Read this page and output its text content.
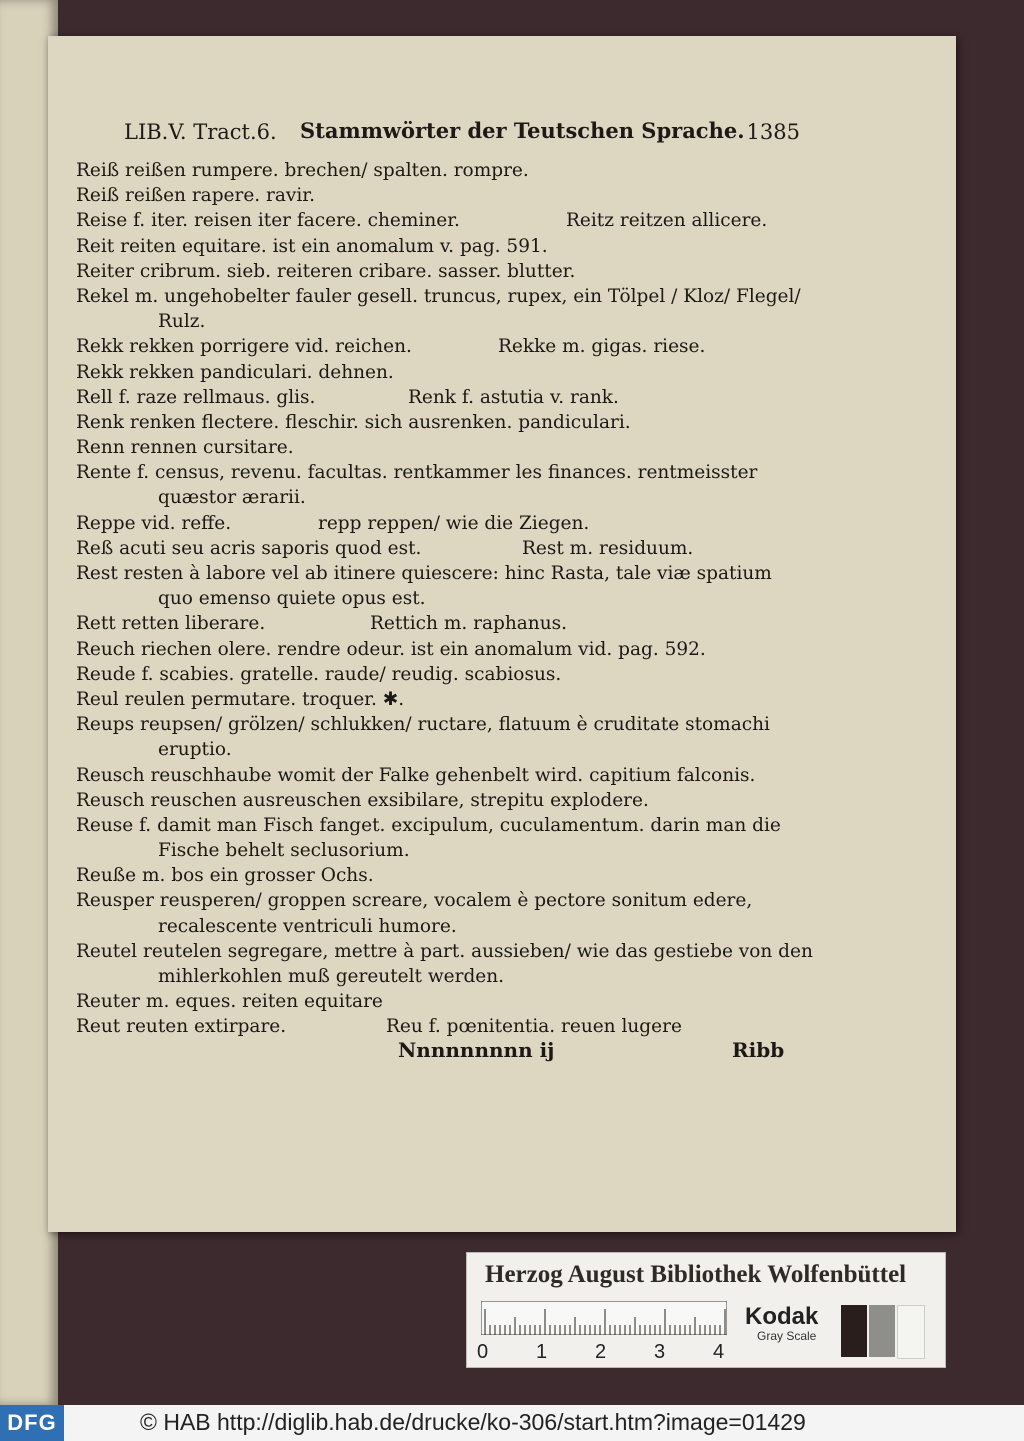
LIB.V. Tract.6. Stammwörter der Teutschen Sprache. 1385
Reiß reißen rumpere. brechen/ spalten. rompre.
Reiß reißen rapere. ravir.
Reise f. iter. reisen iter facere. cheminer.	Reitz reitzen allicere.
Reit reiten equitare. ist ein anomalum v. pag. 591.
Reiter cribrum. sieb. reiteren cribare. sasser. blutter.
Rekel m. ungehobelter fauler gesell. truncus, rupex, ein Tölpel / Kloz/ Flegel/
Rulz.
Rekk rekken porrigere vid. reichen.	Rekke m. gigas. riese.
Rekk rekken pandiculari. dehnen.
Rell f. raze rellmaus. glis.	Renk f. astutia v. rank.
Renk renken flectere. fleschir. sich ausrenken. pandiculari.
Renn rennen cursitare.
Rente f. census, revenu. facultas. rentkammer les finances. rentmeisster
quæstor ærarii.
Reppe vid. reffe.	repp reppen/ wie die Ziegen.
Reß acuti seu acris saporis quod est.	Rest m. residuum.
Rest resten à labore vel ab itinere quiescere: hinc Rasta, tale viæ spatium
quo emenso quiete opus est.
Rett retten liberare.	Rettich m. raphanus.
Reuch riechen olere. rendre odeur. ist ein anomalum vid. pag. 592.
Reude f. scabies. gratelle. raude/ reudig. scabiosus.
Reul reulen permutare. troquer. ✱.
Reups reupsen/ grölzen/ schlukken/ ructare, flatuum è cruditate stomachi
eruptio.
Reusch reuschhaube womit der Falke gehenbelt wird. capitium falconis.
Reusch reuschen ausreuschen exsibilare, strepitu explodere.
Reuse f. damit man Fisch fanget. excipulum, cuculamentum. darin man die
Fische behelt seclusorium.
Reuße m. bos ein grosser Ochs.
Reusper reusperen/ groppen screare, vocalem è pectore sonitum edere,
recalescente ventriculi humore.
Reutel reutelen segregare, mettre à part. aussieben/ wie das gestiebe von den
mihlerkohlen muß gereutelt werden.
Reuter m. eques. reiten equitare
Reut reuten extirpare.	Reu f. pœnitentia. reuen lugere
Nnnnnnnnn ij	Ribb
Herzog August Bibliothek Wolfenbüttel
0 1 2 3 4
Kodak
Gray Scale
DFG	© HAB http://diglib.hab.de/drucke/ko-306/start.htm?image=01429
